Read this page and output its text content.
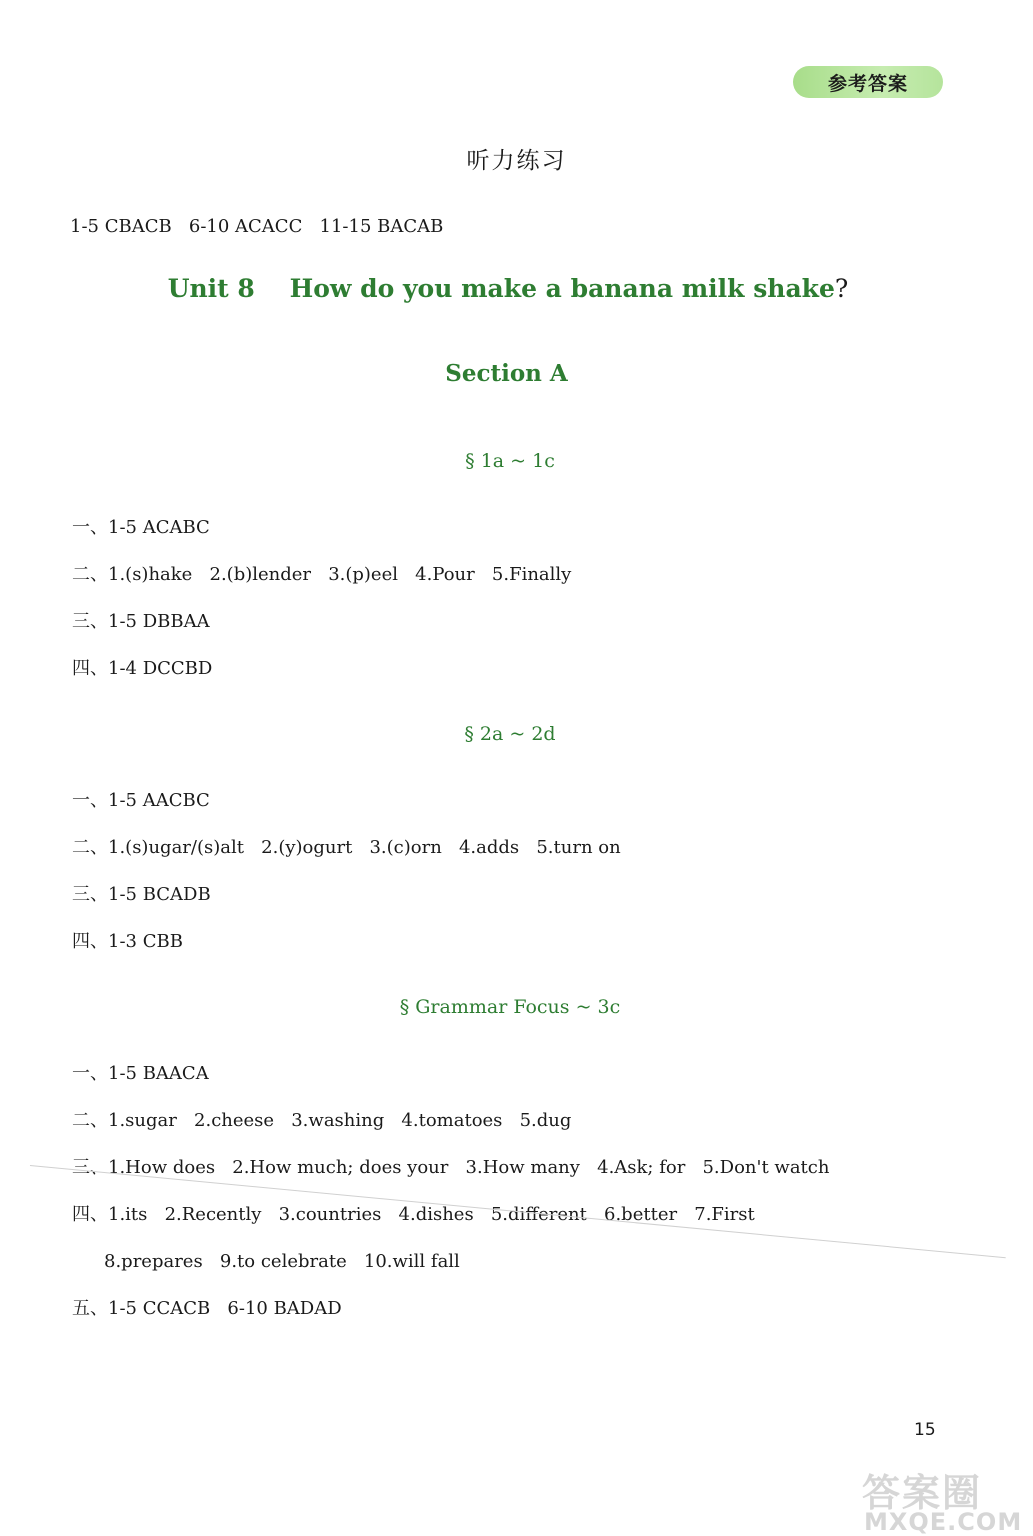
参考答案
听力练习
1-5 CBACB   6-10 ACACC   11-15 BACAB
Unit 8    How do you make a banana milk shake?
Section A
§ 1a ~ 1c
一、1-5 ACABC
二、1.(s)hake   2.(b)lender   3.(p)eel   4.Pour   5.Finally
三、1-5 DBBAA
四、1-4 DCCBD
§ 2a ~ 2d
一、1-5 AACBC
二、1.(s)ugar/(s)alt   2.(y)ogurt   3.(c)orn   4.adds   5.turn on
三、1-5 BCADB
四、1-3 CBB
§ Grammar Focus ~ 3c
一、1-5 BAACA
二、1.sugar   2.cheese   3.washing   4.tomatoes   5.dug
三、1.How does   2.How much; does your   3.How many   4.Ask; for   5.Don't watch
四、1.its   2.Recently   3.countries   4.dishes   5.different   6.better   7.First
8.prepares   9.to celebrate   10.will fall
五、1-5 CCACB   6-10 BADAD
15
答案圈
MXQE.COM
